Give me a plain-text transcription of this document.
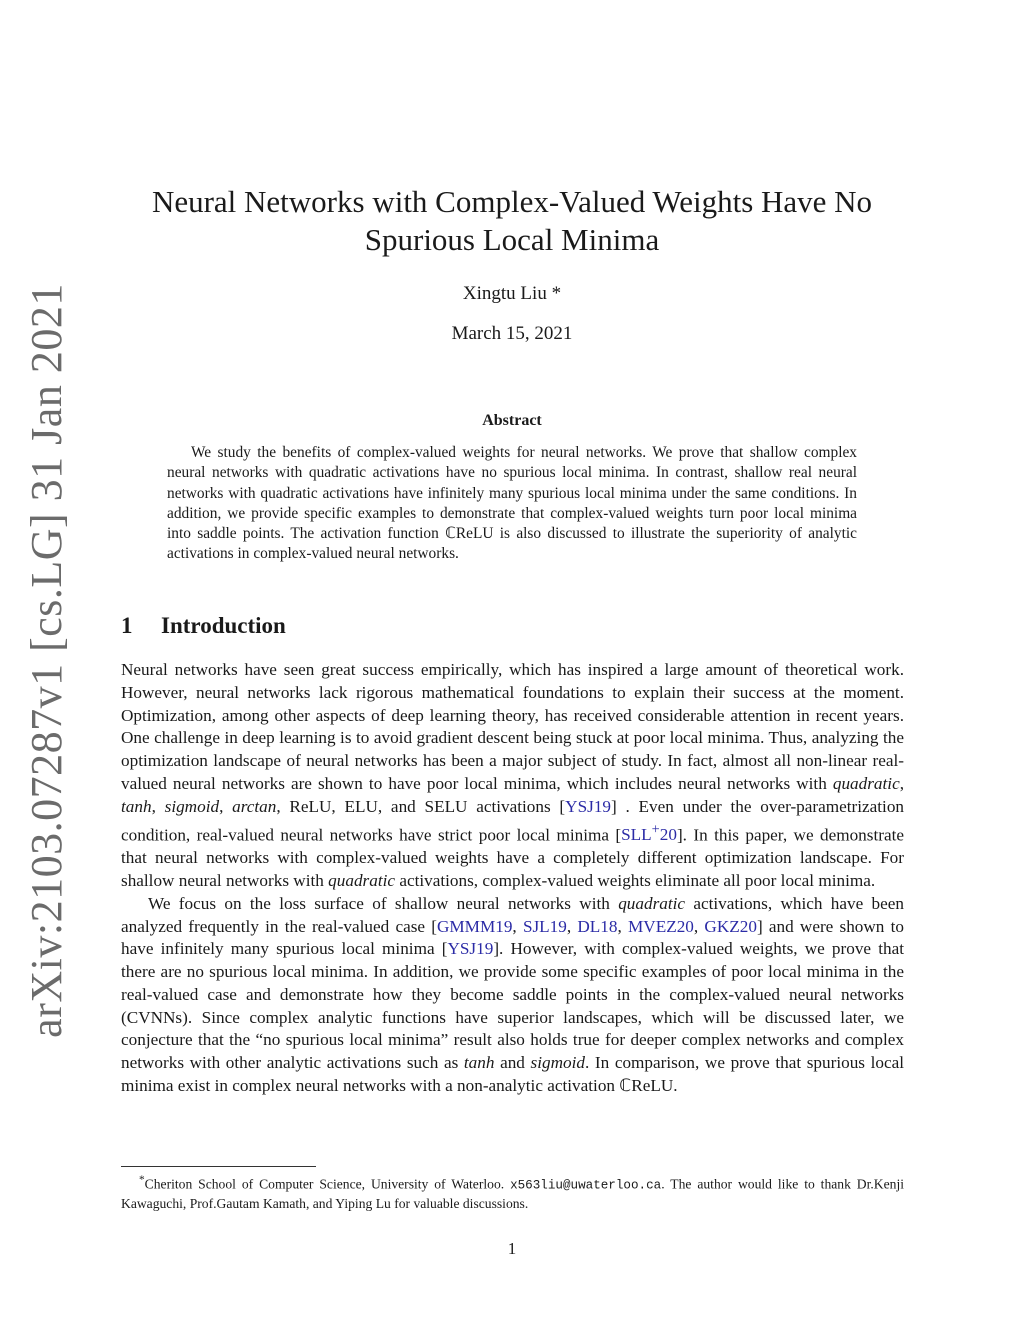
arXiv:2103.07287v1 [cs.LG] 31 Jan 2021
Neural Networks with Complex-Valued Weights Have No Spurious Local Minima
Xingtu Liu *
March 15, 2021
Abstract

We study the benefits of complex-valued weights for neural networks. We prove that shallow complex neural networks with quadratic activations have no spurious local minima. In contrast, shallow real neural networks with quadratic activations have infinitely many spurious local minima under the same conditions. In addition, we provide specific examples to demonstrate that complex-valued weights turn poor local minima into saddle points. The activation function ℂReLU is also discussed to illustrate the superiority of analytic activations in complex-valued neural networks.

1 Introduction

Neural networks have seen great success empirically, which has inspired a large amount of theoretical work. However, neural networks lack rigorous mathematical foundations to explain their success at the moment. Optimization, among other aspects of deep learning theory, has received considerable attention in recent years. One challenge in deep learning is to avoid gradient descent being stuck at poor local minima. Thus, analyzing the optimization landscape of neural networks has been a major subject of study. In fact, almost all non-linear real-valued neural networks are shown to have poor local minima, which includes neural networks with quadratic, tanh, sigmoid, arctan, ReLU, ELU, and SELU activations [YSJ19] . Even under the over-parametrization condition, real-valued neural networks have strict poor local minima [SLL+20]. In this paper, we demonstrate that neural networks with complex-valued weights have a completely different optimization landscape. For shallow neural networks with quadratic activations, complex-valued weights eliminate all poor local minima.

We focus on the loss surface of shallow neural networks with quadratic activations, which have been analyzed frequently in the real-valued case [GMMM19, SJL19, DL18, MVEZ20, GKZ20] and were shown to have infinitely many spurious local minima [YSJ19]. However, with complex-valued weights, we prove that there are no spurious local minima. In addition, we provide some specific examples of poor local minima in the real-valued case and demonstrate how they become saddle points in the complex-valued neural networks (CVNNs). Since complex analytic functions have superior landscapes, which will be discussed later, we conjecture that the “no spurious local minima” result also holds true for deeper complex networks and complex networks with other analytic activations such as tanh and sigmoid. In comparison, we prove that spurious local minima exist in complex neural networks with a non-analytic activation ℂReLU.

*Cheriton School of Computer Science, University of Waterloo. x563liu@uwaterloo.ca. The author would like to thank Dr.Kenji Kawaguchi, Prof.Gautam Kamath, and Yiping Lu for valuable discussions.

1
